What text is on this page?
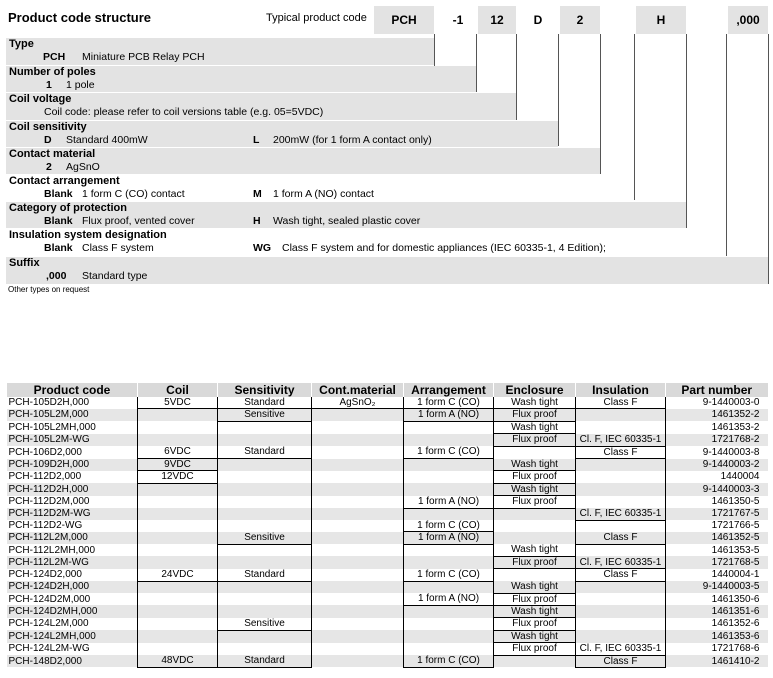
Product code structure	Typical product code	PCH	-1	12	D	2	H	,000
Type
PCH Miniature PCB Relay PCH
Number of poles
1 1 pole
Coil voltage
Coil code: please refer to coil versions table (e.g. 05=5VDC)
Coil sensitivity
D Standard 400mW	L 200mW (for 1 form A contact only)
Contact material
2 AgSnO
Contact arrangement
Blank 1 form C (CO) contact	M 1 form A (NO) contact
Category of protection
Blank Flux proof, vented cover	H Wash tight, sealed plastic cover
Insulation system designation
Blank Class F system	WG Class F system and for domestic appliances (IEC 60335-1, 4 Edition);
Suffix
,000 Standard type
Other types on request
Product code	Coil	Sensitivity	Cont.material	Arrangement	Enclosure	Insulation	Part number
PCH-105D2H,000	5VDC	Standard	AgSnO₂	1 form C (CO)	Wash tight	Class F	9-1440003-0
PCH-105L2M,000		Sensitive		1 form A (NO)	Flux proof		1461352-2
PCH-105L2MH,000					Wash tight		1461353-2
PCH-105L2M-WG					Flux proof	Cl. F, IEC 60335-1	1721768-2
PCH-106D2,000	6VDC	Standard		1 form C (CO)		Class F	9-1440003-8
PCH-109D2H,000	9VDC				Wash tight		9-1440003-2
PCH-112D2,000	12VDC				Flux proof		1440004
PCH-112D2H,000					Wash tight		9-1440003-3
PCH-112D2M,000				1 form A (NO)	Flux proof		1461350-5
PCH-112D2M-WG						Cl. F, IEC 60335-1	1721767-5
PCH-112D2-WG				1 form C (CO)			1721766-5
PCH-112L2M,000		Sensitive		1 form A (NO)		Class F	1461352-5
PCH-112L2MH,000					Wash tight		1461353-5
PCH-112L2M-WG					Flux proof	Cl. F, IEC 60335-1	1721768-5
PCH-124D2,000	24VDC	Standard		1 form C (CO)		Class F	1440004-1
PCH-124D2H,000					Wash tight		9-1440003-5
PCH-124D2M,000				1 form A (NO)	Flux proof		1461350-6
PCH-124D2MH,000					Wash tight		1461351-6
PCH-124L2M,000		Sensitive			Flux proof		1461352-6
PCH-124L2MH,000					Wash tight		1461353-6
PCH-124L2M-WG					Flux proof	Cl. F, IEC 60335-1	1721768-6
PCH-148D2,000	48VDC	Standard		1 form C (CO)		Class F	1461410-2
